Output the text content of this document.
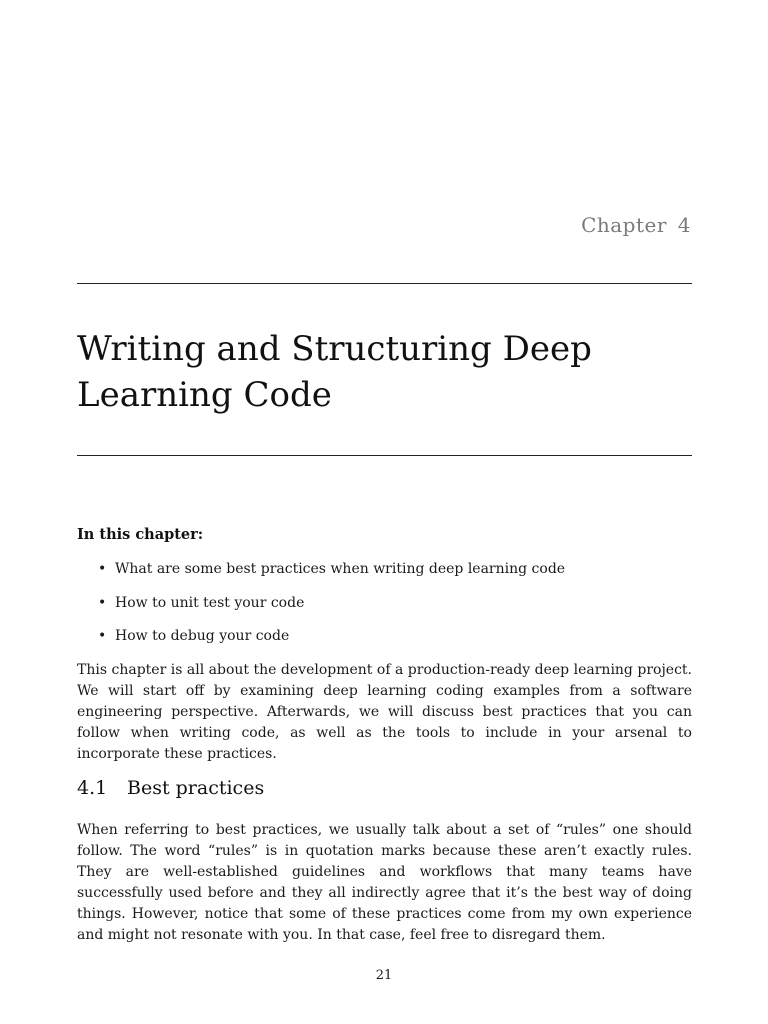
Chapter 4
Writing and Structuring Deep Learning Code
In this chapter:
• What are some best practices when writing deep learning code
• How to unit test your code
• How to debug your code

This chapter is all about the development of a production-ready deep learning project. We will start off by examining deep learning coding examples from a software engineering perspective. Afterwards, we will discuss best practices that you can follow when writing code, as well as the tools to include in your arsenal to incorporate these practices.

4.1 Best practices

When referring to best practices, we usually talk about a set of “rules” one should follow. The word “rules” is in quotation marks because these aren’t exactly rules. They are well-established guidelines and workflows that many teams have successfully used before and they all indirectly agree that it’s the best way of doing things. However, notice that some of these practices come from my own experience and might not resonate with you. In that case, feel free to disregard them.

21
